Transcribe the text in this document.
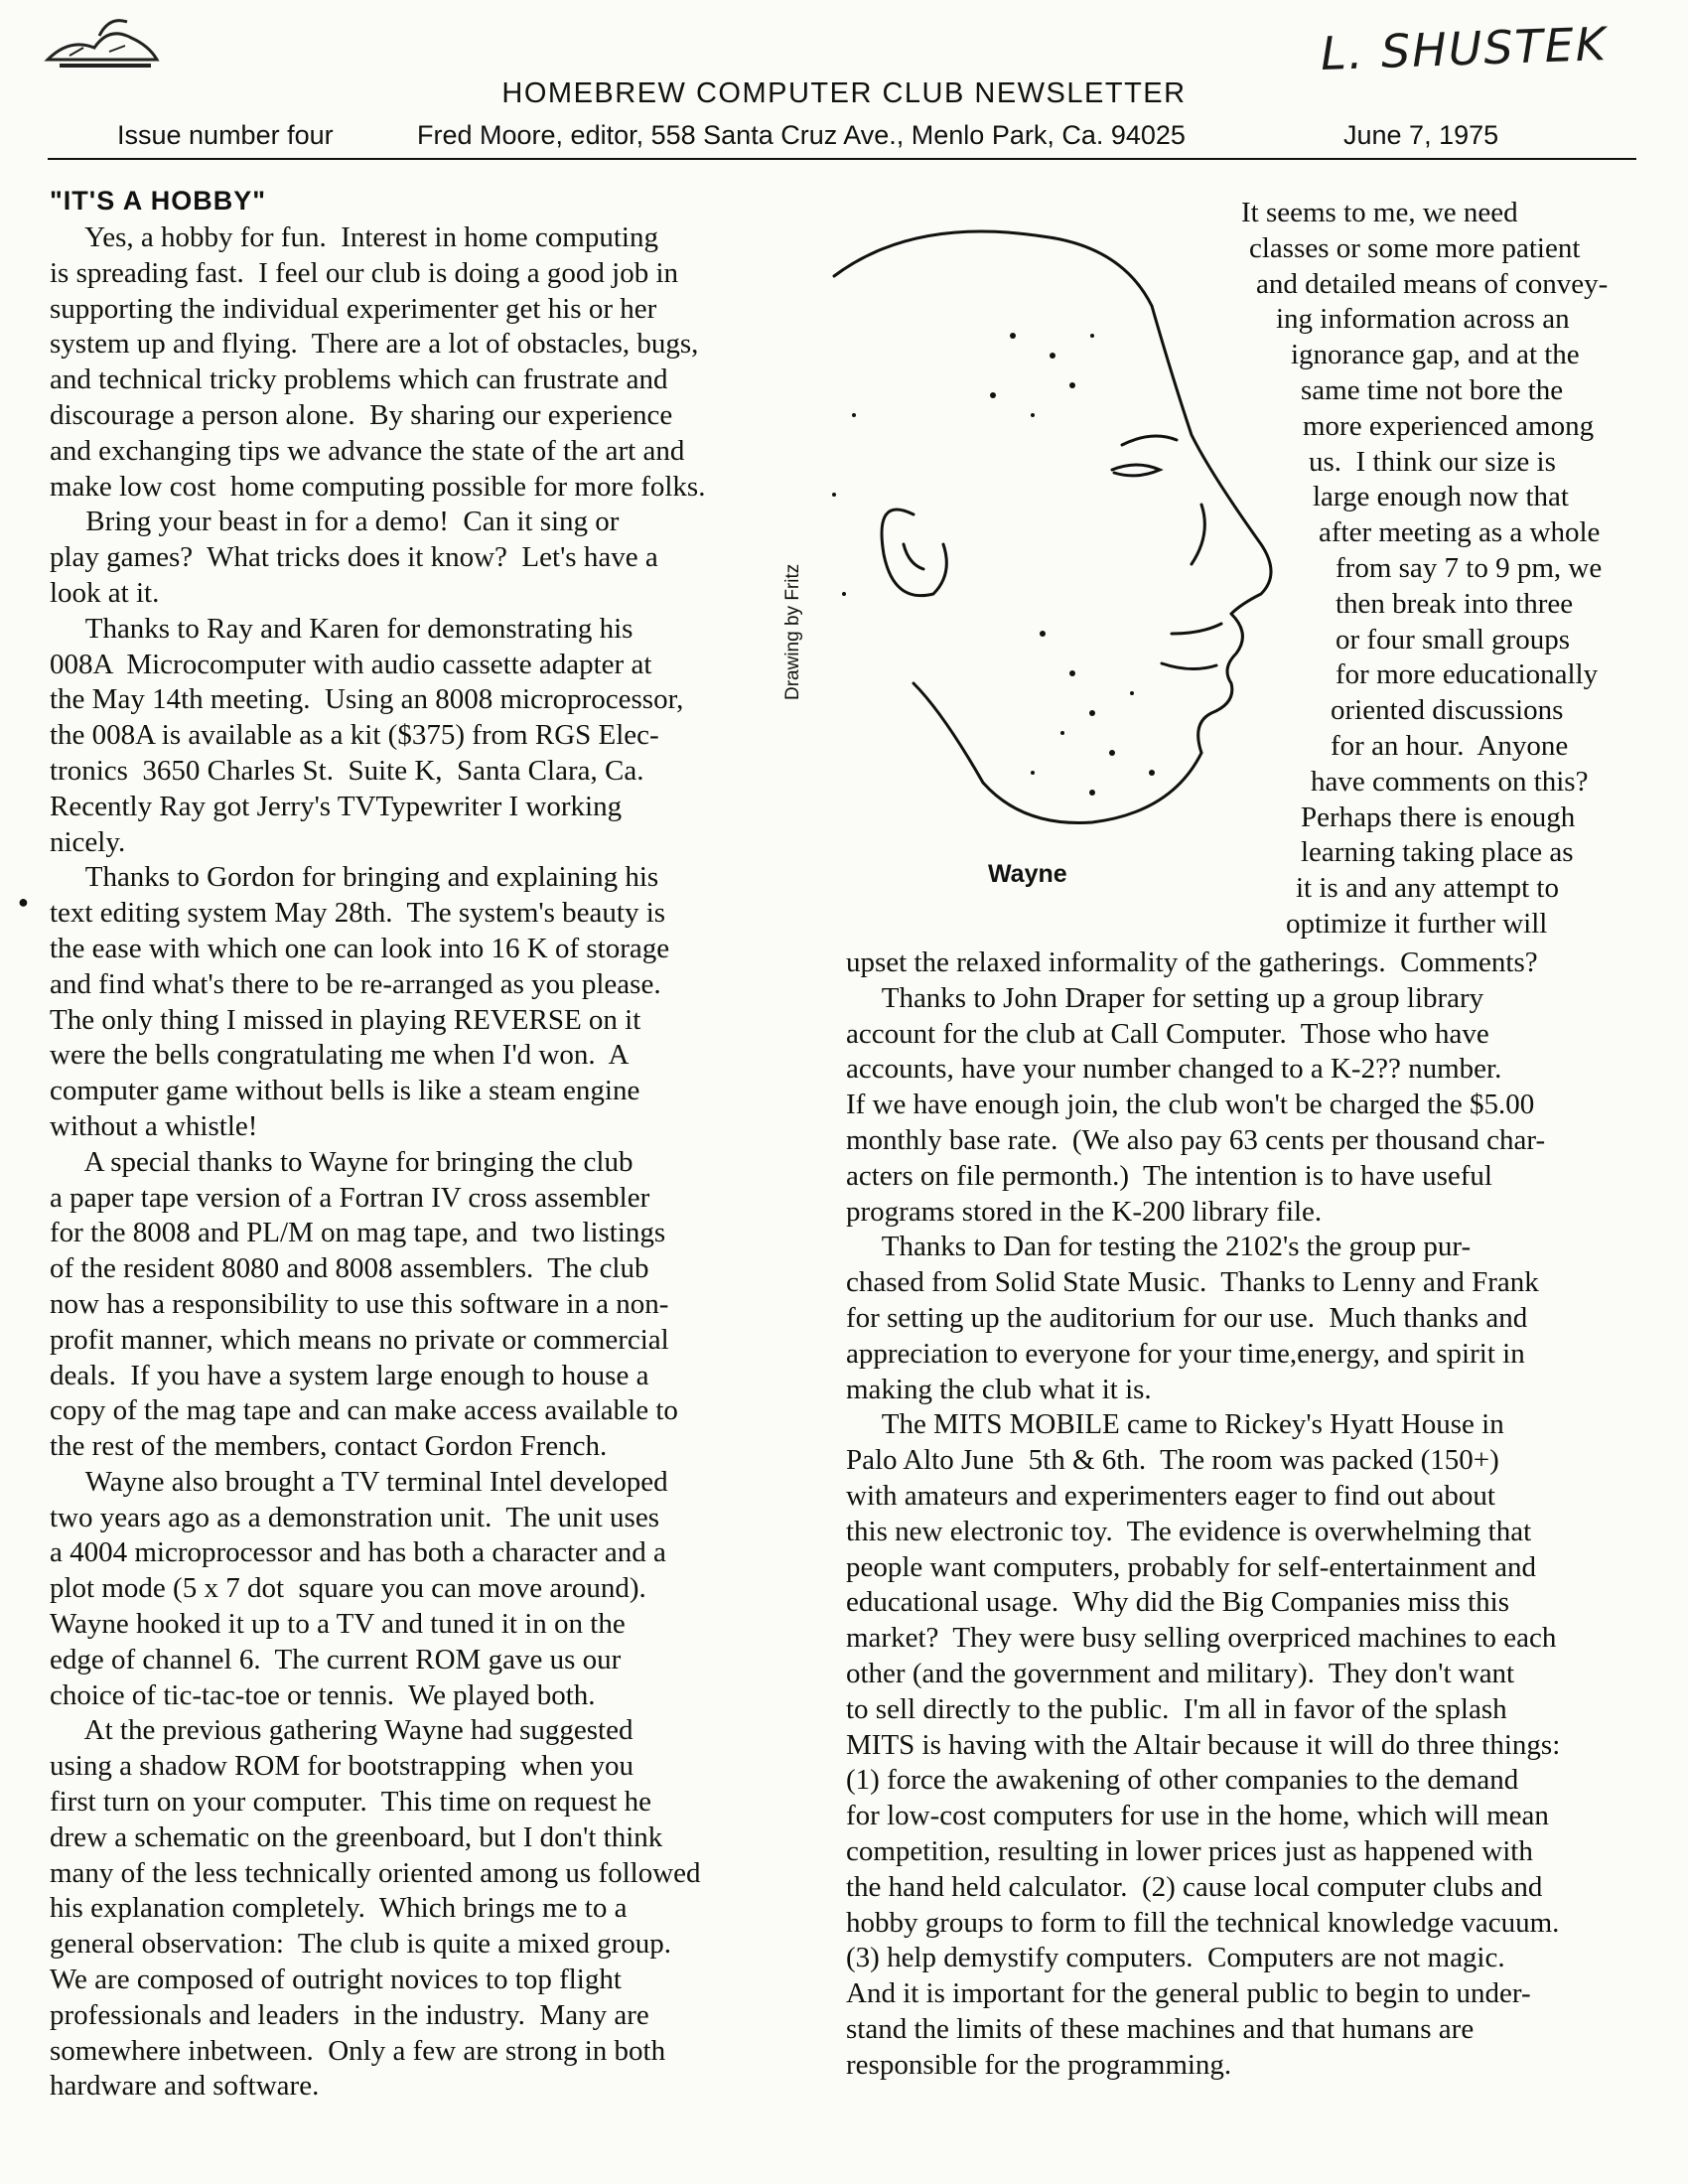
L. SHUSTEK
HOMEBREW COMPUTER CLUB NEWSLETTER
Issue number four	Fred Moore, editor, 558 Santa Cruz Ave., Menlo Park, Ca. 94025	June 7, 1975
●
"IT'S A HOBBY"
Yes, a hobby for fun.  Interest in home computing
is spreading fast.  I feel our club is doing a good job in
supporting the individual experimenter get his or her
system up and flying.  There are a lot of obstacles, bugs,
and technical tricky problems which can frustrate and
discourage a person alone.  By sharing our experience
and exchanging tips we advance the state of the art and
make low cost  home computing possible for more folks.
Bring your beast in for a demo!  Can it sing or
play games?  What tricks does it know?  Let's have a
look at it.
Thanks to Ray and Karen for demonstrating his
008A  Microcomputer with audio cassette adapter at
the May 14th meeting.  Using an 8008 microprocessor,
the 008A is available as a kit ($375) from RGS Elec-
tronics  3650 Charles St.  Suite K,  Santa Clara, Ca.
Recently Ray got Jerry's TVTypewriter I working
nicely.
Thanks to Gordon for bringing and explaining his
text editing system May 28th.  The system's beauty is
the ease with which one can look into 16 K of storage
and find what's there to be re-arranged as you please.
The only thing I missed in playing REVERSE on it
were the bells congratulating me when I'd won.  A
computer game without bells is like a steam engine
without a whistle!
A special thanks to Wayne for bringing the club
a paper tape version of a Fortran IV cross assembler
for the 8008 and PL/M on mag tape, and  two listings
of the resident 8080 and 8008 assemblers.  The club
now has a responsibility to use this software in a non-
profit manner, which means no private or commercial
deals.  If you have a system large enough to house a
copy of the mag tape and can make access available to
the rest of the members, contact Gordon French.
Wayne also brought a TV terminal Intel developed
two years ago as a demonstration unit.  The unit uses
a 4004 microprocessor and has both a character and a
plot mode (5 x 7 dot  square you can move around).
Wayne hooked it up to a TV and tuned it in on the
edge of channel 6.  The current ROM gave us our
choice of tic-tac-toe or tennis.  We played both.
At the previous gathering Wayne had suggested
using a shadow ROM for bootstrapping  when you
first turn on your computer.  This time on request he
drew a schematic on the greenboard, but I don't think
many of the less technically oriented among us followed
his explanation completely.  Which brings me to a
general observation:  The club is quite a mixed group.
We are composed of outright novices to top flight
professionals and leaders  in the industry.  Many are
somewhere inbetween.  Only a few are strong in both
hardware and software.
It seems to me, we need
classes or some more patient
and detailed means of convey-
ing information across an
ignorance gap, and at the
same time not bore the
more experienced among
us.  I think our size is
large enough now that
after meeting as a whole
from say 7 to 9 pm, we
then break into three
or four small groups
for more educationally
oriented discussions
for an hour.  Anyone
have comments on this?
Perhaps there is enough
learning taking place as
it is and any attempt to
optimize it further will
Drawing by Fritz
Wayne
upset the relaxed informality of the gatherings.  Comments?
Thanks to John Draper for setting up a group library
account for the club at Call Computer.  Those who have
accounts, have your number changed to a K-2?? number.
If we have enough join, the club won't be charged the $5.00
monthly base rate.  (We also pay 63 cents per thousand char-
acters on file permonth.)  The intention is to have useful
programs stored in the K-200 library file.
Thanks to Dan for testing the 2102's the group pur-
chased from Solid State Music.  Thanks to Lenny and Frank
for setting up the auditorium for our use.  Much thanks and
appreciation to everyone for your time,energy, and spirit in
making the club what it is.
The MITS MOBILE came to Rickey's Hyatt House in
Palo Alto June  5th & 6th.  The room was packed (150+)
with amateurs and experimenters eager to find out about
this new electronic toy.  The evidence is overwhelming that
people want computers, probably for self-entertainment and
educational usage.  Why did the Big Companies miss this
market?  They were busy selling overpriced machines to each
other (and the government and military).  They don't want
to sell directly to the public.  I'm all in favor of the splash
MITS is having with the Altair because it will do three things:
(1) force the awakening of other companies to the demand
for low-cost computers for use in the home, which will mean
competition, resulting in lower prices just as happened with
the hand held calculator.  (2) cause local computer clubs and
hobby groups to form to fill the technical knowledge vacuum.
(3) help demystify computers.  Computers are not magic.
And it is important for the general public to begin to under-
stand the limits of these machines and that humans are
responsible for the programming.
